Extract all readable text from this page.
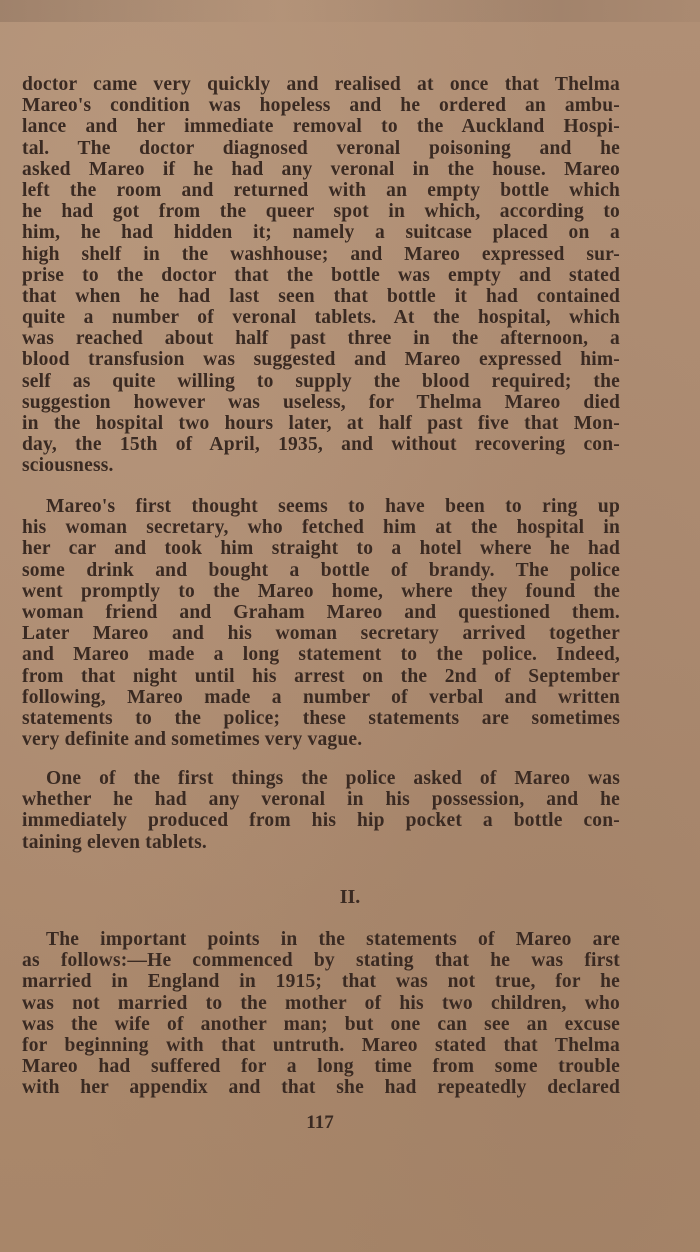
doctor came very quickly and realised at once that Thelma
Mareo's condition was hopeless and he ordered an ambu-
lance and her immediate removal to the Auckland Hospi-
tal. The doctor diagnosed veronal poisoning and he
asked Mareo if he had any veronal in the house. Mareo
left the room and returned with an empty bottle which
he had got from the queer spot in which, according to
him, he had hidden it; namely a suitcase placed on a
high shelf in the washhouse; and Mareo expressed sur-
prise to the doctor that the bottle was empty and stated
that when he had last seen that bottle it had contained
quite a number of veronal tablets. At the hospital, which
was reached about half past three in the afternoon, a
blood transfusion was suggested and Mareo expressed him-
self as quite willing to supply the blood required; the
suggestion however was useless, for Thelma Mareo died
in the hospital two hours later, at half past five that Mon-
day, the 15th of April, 1935, and without recovering con-
sciousness.
Mareo's first thought seems to have been to ring up
his woman secretary, who fetched him at the hospital in
her car and took him straight to a hotel where he had
some drink and bought a bottle of brandy. The police
went promptly to the Mareo home, where they found the
woman friend and Graham Mareo and questioned them.
Later Mareo and his woman secretary arrived together
and Mareo made a long statement to the police. Indeed,
from that night until his arrest on the 2nd of September
following, Mareo made a number of verbal and written
statements to the police; these statements are sometimes
very definite and sometimes very vague.
One of the first things the police asked of Mareo was
whether he had any veronal in his possession, and he
immediately produced from his hip pocket a bottle con-
taining eleven tablets.
II.
The important points in the statements of Mareo are
as follows:—He commenced by stating that he was first
married in England in 1915; that was not true, for he
was not married to the mother of his two children, who
was the wife of another man; but one can see an excuse
for beginning with that untruth. Mareo stated that Thelma
Mareo had suffered for a long time from some trouble
with her appendix and that she had repeatedly declared
117
